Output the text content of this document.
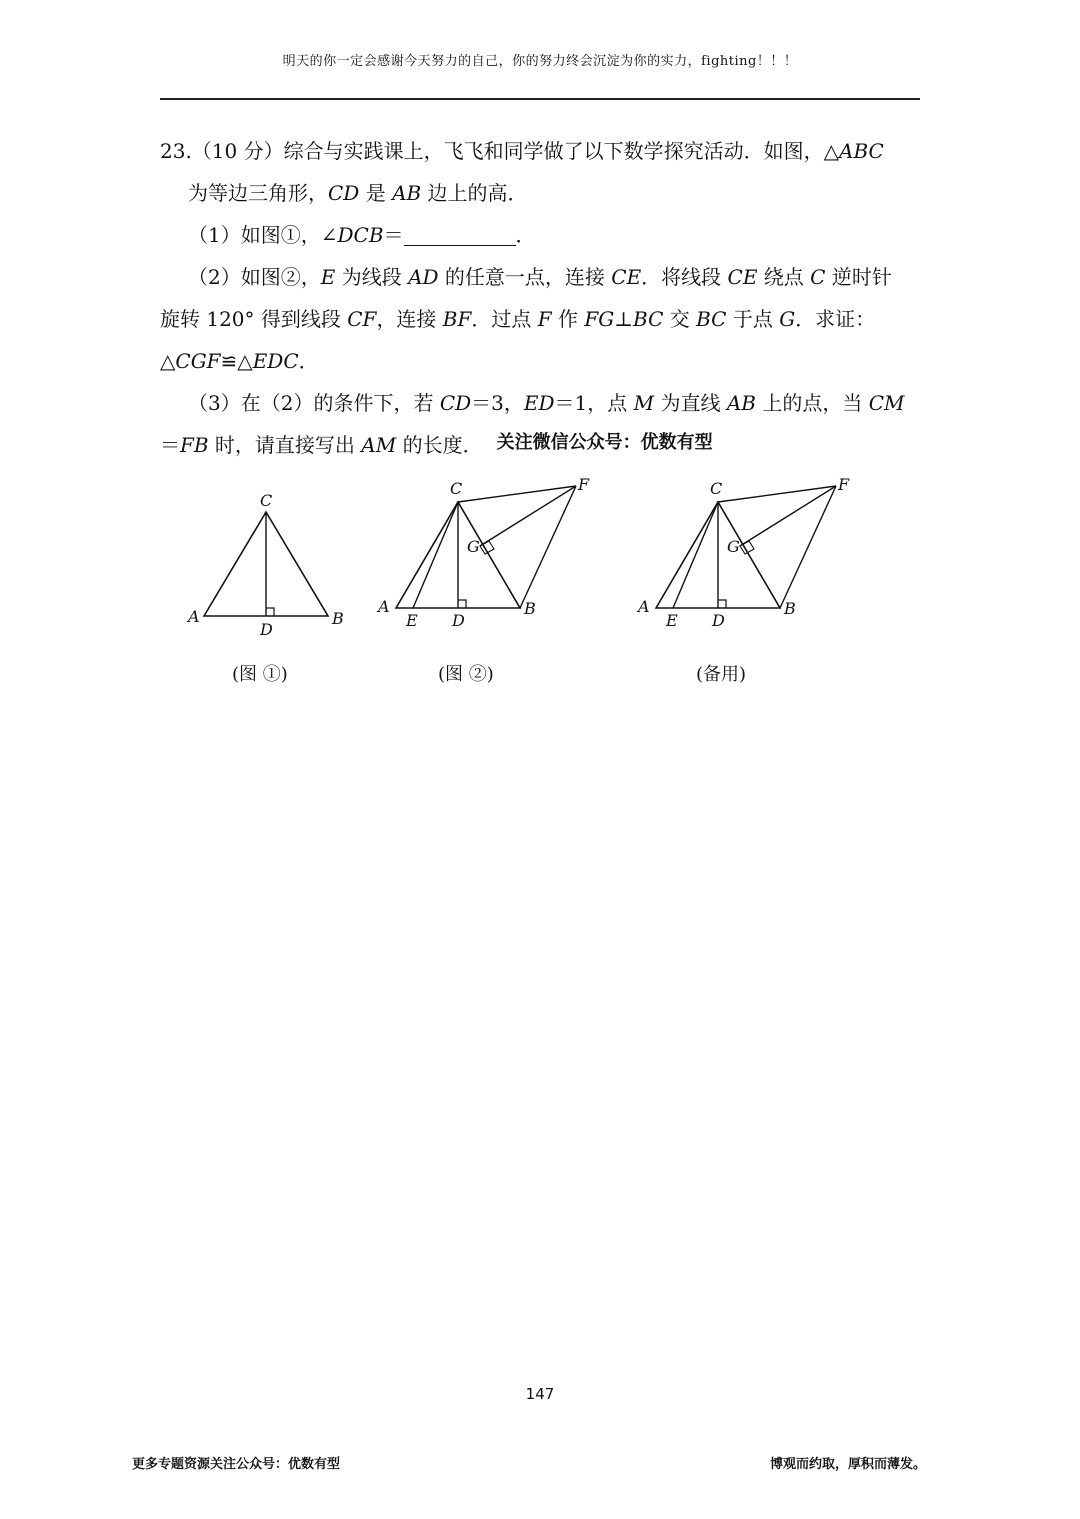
明天的你一定会感谢今天努力的自己，你的努力终会沉淀为你的实力，fighting！！！
23.（10 分）综合与实践课上，飞飞和同学做了以下数学探究活动．如图，△ABC
为等边三角形，CD 是 AB 边上的高．
（1）如图①，∠DCB＝	．
（2）如图②，E 为线段 AD 的任意一点，连接 CE．将线段 CE 绕点 C 逆时针
旋转 120° 得到线段 CF，连接 BF．过点 F 作 FG⊥BC 交 BC 于点 G．求证：
△CGF≌△EDC．
（3）在（2）的条件下，若 CD＝3，ED＝1，点 M 为直线 AB 上的点，当 CM
＝FB 时，请直接写出 AM 的长度． 关注微信公众号：优数有型
C
A	B
D
C	F
G
A
E D
B
C	F
G
A
E D
B
(图 ①)	(图 ②)	(备用)
147
更多专题资源关注公众号：优数有型	博观而约取，厚积而薄发。
